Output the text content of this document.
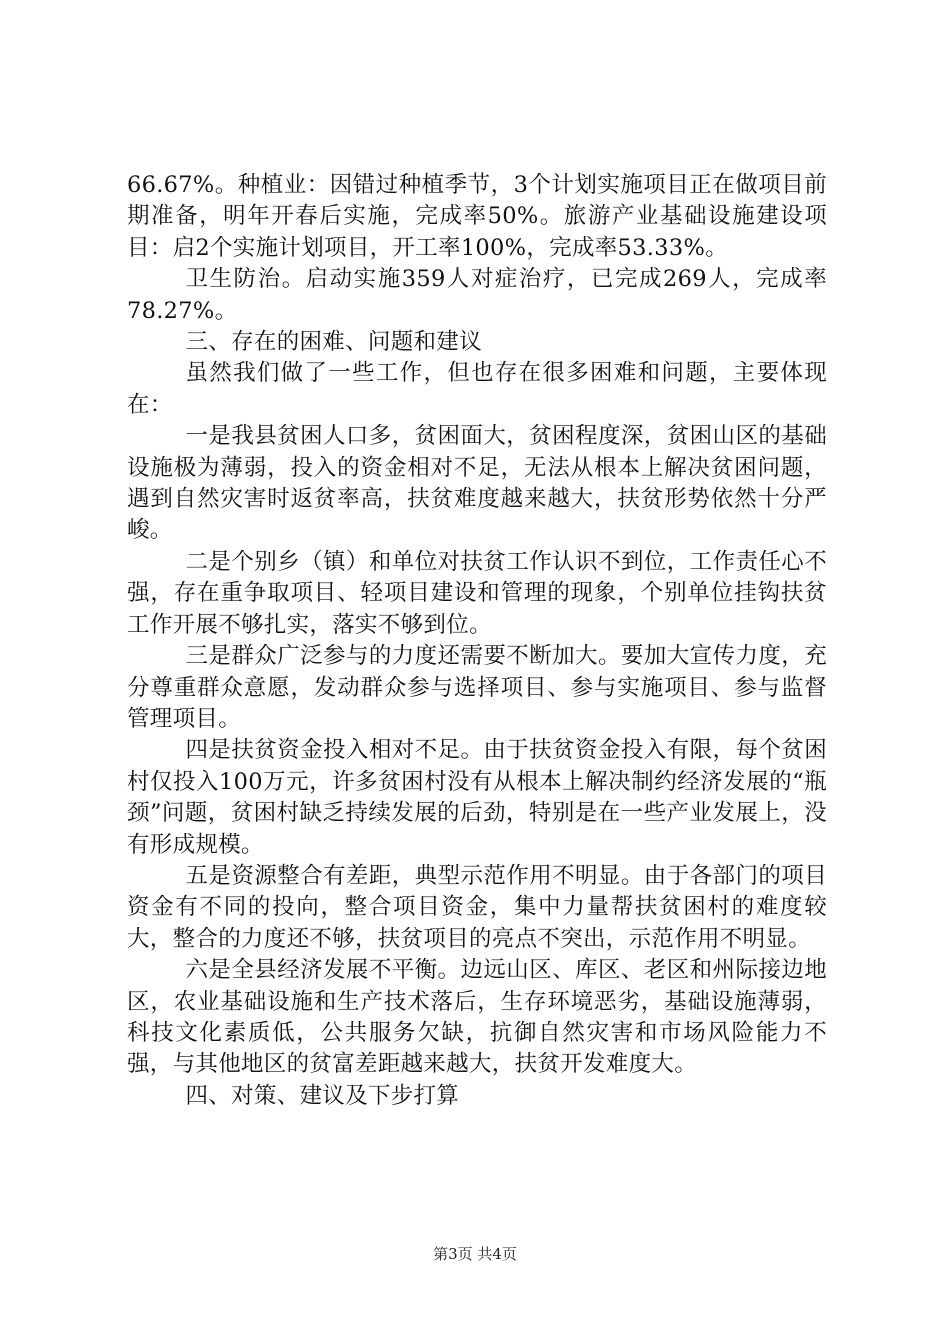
66.67%。种植业：因错过种植季节，3个计划实施项目正在做项目前期准备，明年开春后实施，完成率50%。旅游产业基础设施建设项目：启2个实施计划项目，开工率100%，完成率53.33%。

卫生防治。启动实施359人对症治疗，已完成269人，完成率78.27%。

三、存在的困难、问题和建议

虽然我们做了一些工作，但也存在很多困难和问题，主要体现在：

一是我县贫困人口多，贫困面大，贫困程度深，贫困山区的基础设施极为薄弱，投入的资金相对不足，无法从根本上解决贫困问题，遇到自然灾害时返贫率高，扶贫难度越来越大，扶贫形势依然十分严峻。

二是个别乡（镇）和单位对扶贫工作认识不到位，工作责任心不强，存在重争取项目、轻项目建设和管理的现象，个别单位挂钩扶贫工作开展不够扎实，落实不够到位。

三是群众广泛参与的力度还需要不断加大。要加大宣传力度，充分尊重群众意愿，发动群众参与选择项目、参与实施项目、参与监督管理项目。

四是扶贫资金投入相对不足。由于扶贫资金投入有限，每个贫困村仅投入100万元，许多贫困村没有从根本上解决制约经济发展的“瓶颈”问题，贫困村缺乏持续发展的后劲，特别是在一些产业发展上，没有形成规模。

五是资源整合有差距，典型示范作用不明显。由于各部门的项目资金有不同的投向，整合项目资金，集中力量帮扶贫困村的难度较大，整合的力度还不够，扶贫项目的亮点不突出，示范作用不明显。

六是全县经济发展不平衡。边远山区、库区、老区和州际接边地区，农业基础设施和生产技术落后，生存环境恶劣，基础设施薄弱，科技文化素质低，公共服务欠缺，抗御自然灾害和市场风险能力不强，与其他地区的贫富差距越来越大，扶贫开发难度大。

四、对策、建议及下步打算

第3页 共4页
